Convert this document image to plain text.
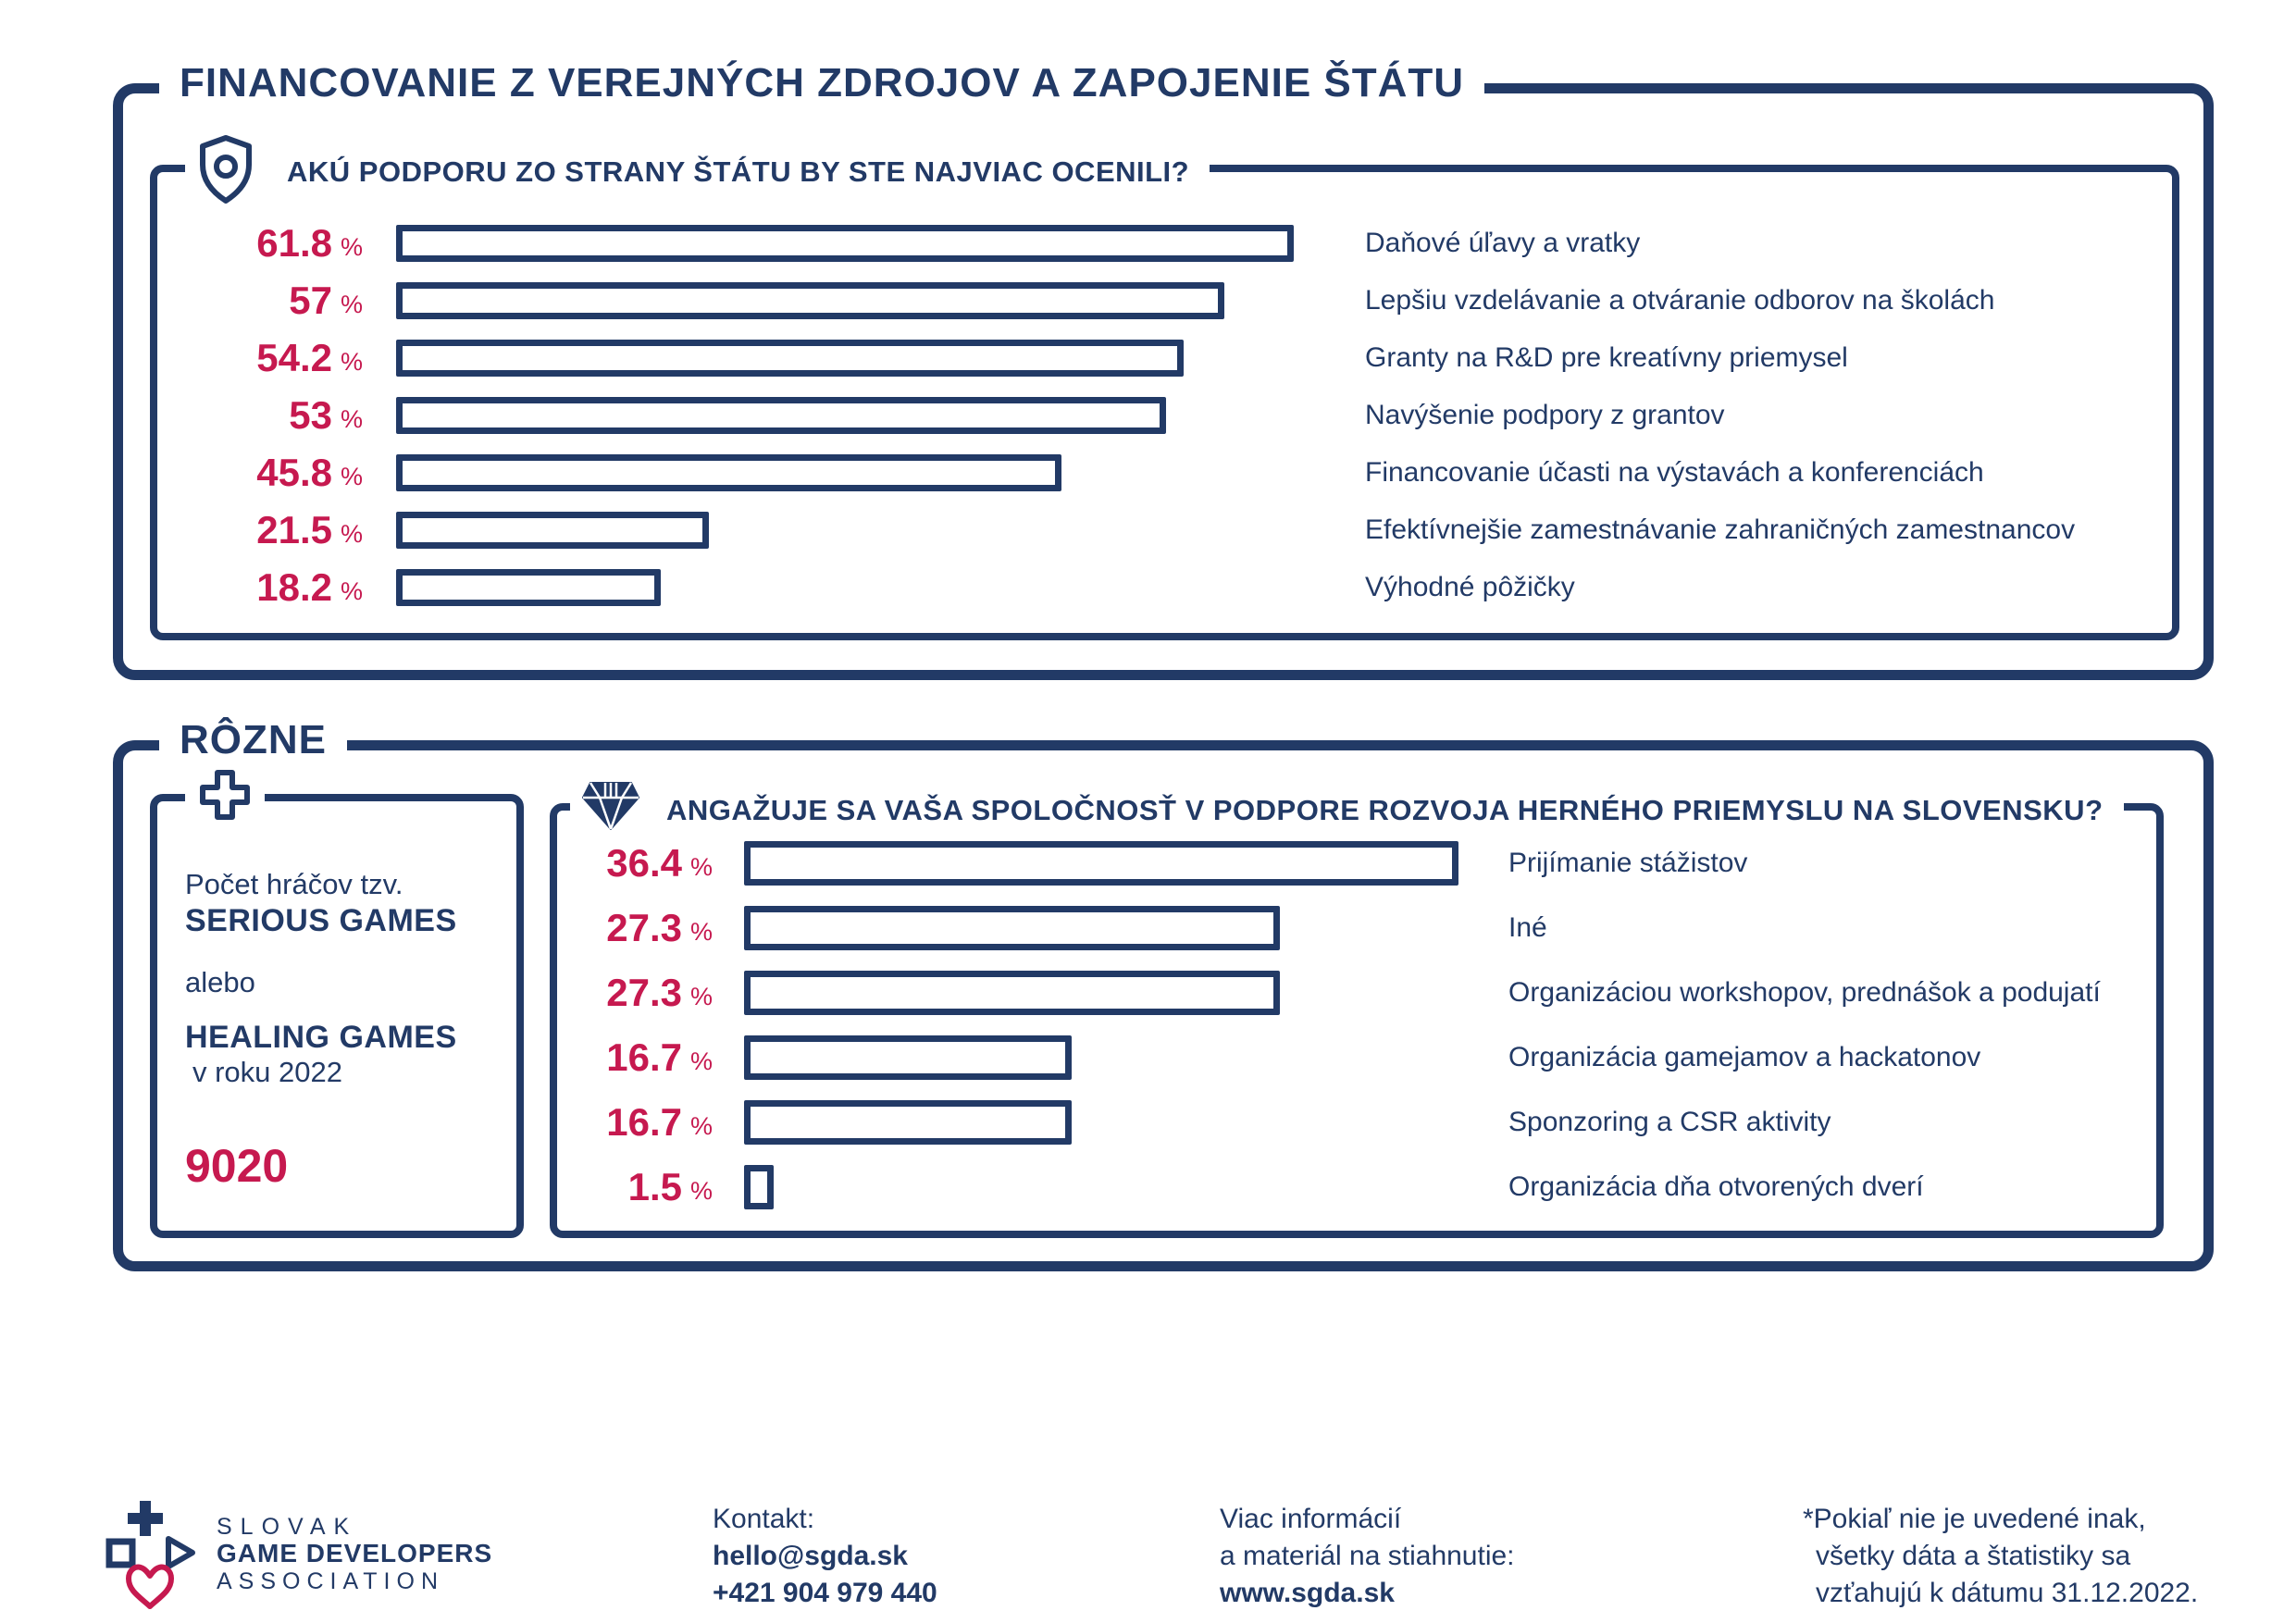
FINANCOVANIE Z VEREJNÝCH ZDROJOV A ZAPOJENIE ŠTÁTU
AKÚ PODPORU ZO STRANY ŠTÁTU BY STE NAJVIAC OCENILI?
61.8 %	Daňové úľavy a vratky
57 %	Lepšiu vzdelávanie a otváranie odborov na školách
54.2 %	Granty na R&D pre kreatívny priemysel
53 %	Navýšenie podpory z grantov
45.8 %	Financovanie účasti na výstavách a konferenciách
21.5 %	Efektívnejšie zamestnávanie zahraničných zamestnancov
18.2 %	Výhodné pôžičky
RÔZNE
Počet hráčov tzv.
SERIOUS GAMES
alebo
HEALING GAMES
v roku 2022
9020
ANGAŽUJE SA VAŠA SPOLOČNOSŤ V PODPORE ROZVOJA HERNÉHO PRIEMYSLU NA SLOVENSKU?
36.4 %	Prijímanie stážistov
27.3 %	Iné
27.3 %	Organizáciou workshopov, prednášok a podujatí
16.7 %	Organizácia gamejamov a hackatonov
16.7 %	Sponzoring a CSR aktivity
1.5 %	Organizácia dňa otvorených dverí
SLOVAK
GAME DEVELOPERS
ASSOCIATION
Kontakt:
hello@sgda.sk
+421 904 979 440
Viac informácií
a materiál na stiahnutie:
www.sgda.sk
*Pokiaľ nie je uvedené inak,
všetky dáta a štatistiky sa
vzťahujú k dátumu 31.12.2022.
